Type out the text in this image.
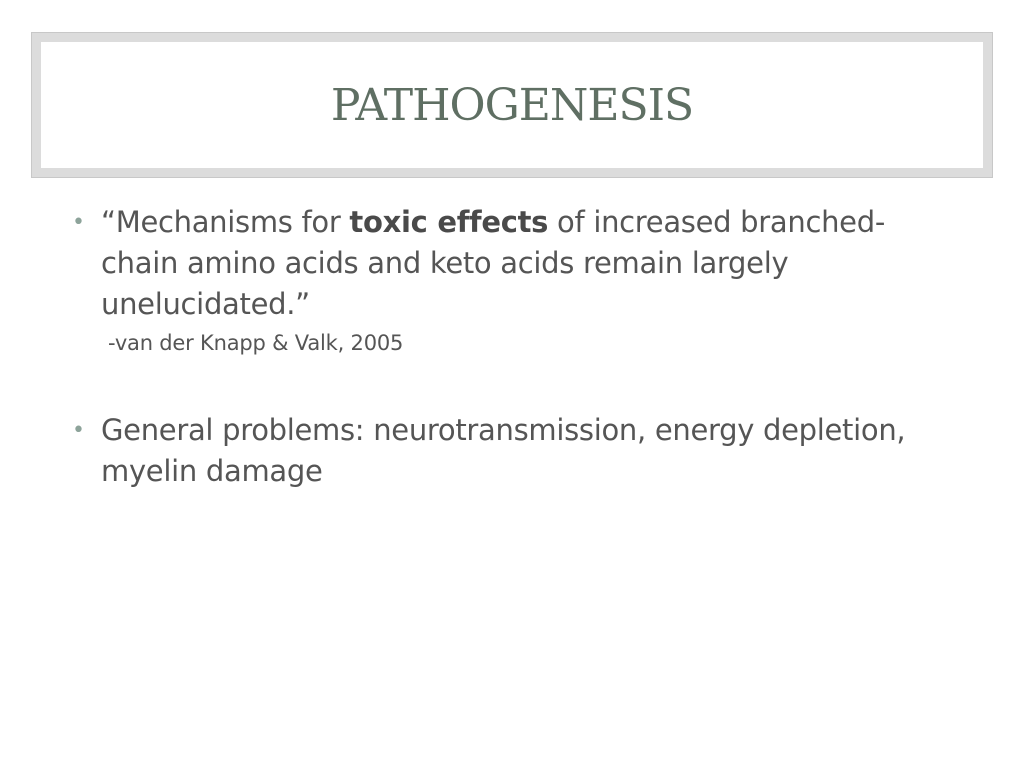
PATHOGENESIS
• “Mechanisms for toxic effects of increased branched-chain amino acids and keto acids remain largely unelucidated.”
-van der Knapp & Valk, 2005
• General problems: neurotransmission, energy depletion, myelin damage
